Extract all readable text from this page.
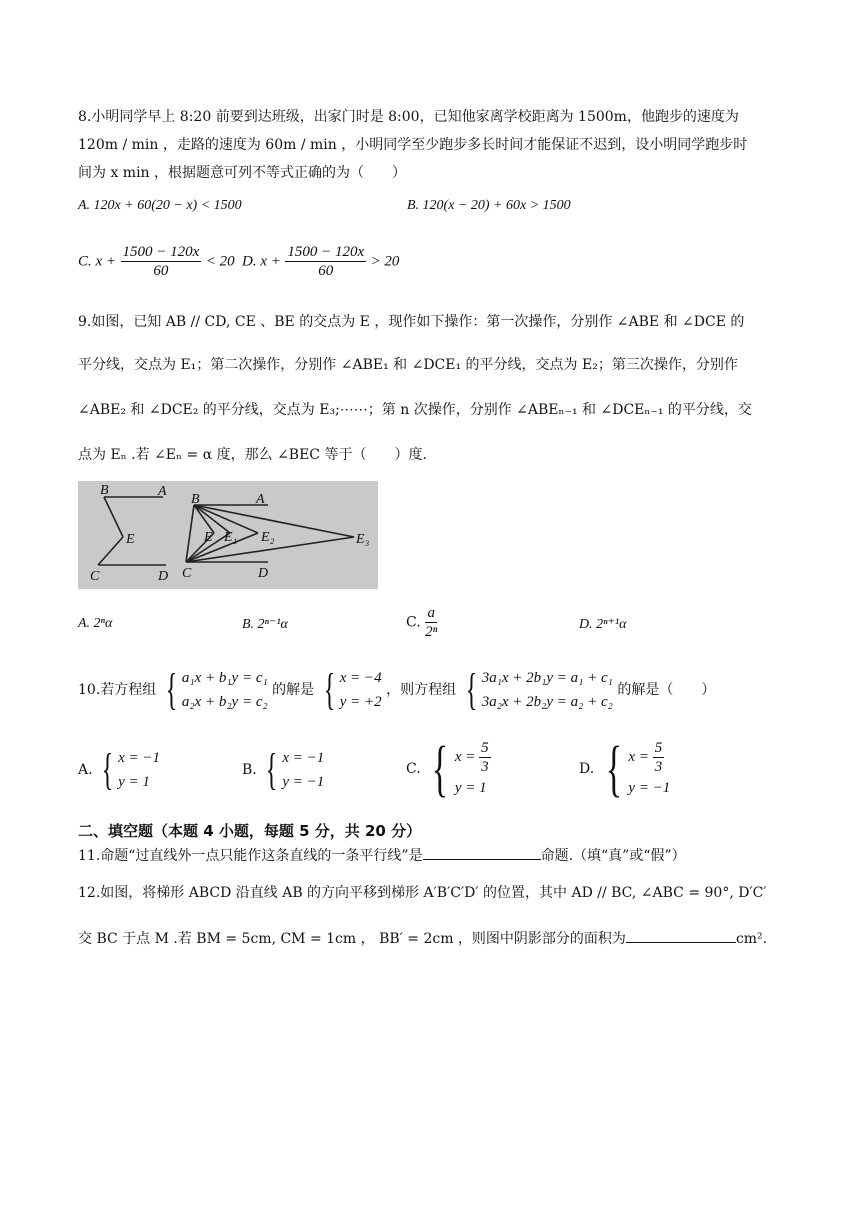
8.小明同学早上 8:20 前要到达班级，出家门时是 8:00，已知他家离学校距离为 1500m，他跑步的速度为
120m / min ，走路的速度为 60m / min ，小明同学至少跑步多长时间才能保证不迟到，设小明同学跑步时
间为 x min ，根据题意可列不等式正确的为（　　）
A. 120x + 60(20 − x) < 1500	B. 120(x − 20) + 60x > 1500
C. $x + \frac{1500 - 120x}{60} < 20$ D. $x + \frac{1500 - 120x}{60} > 20$
9.如图，已知 AB // CD, CE 、BE 的交点为 E ，现作如下操作：第一次操作，分别作 ∠ABE 和 ∠DCE 的
平分线，交点为 E₁；第二次操作，分别作 ∠ABE₁ 和 ∠DCE₁ 的平分线，交点为 E₂；第三次操作，分别作
∠ABE₂ 和 ∠DCE₂ 的平分线，交点为 E₃;⋯⋯；第 n 次操作，分别作 ∠ABEₙ₋₁ 和 ∠DCEₙ₋₁ 的平分线，交
点为 Eₙ .若 ∠Eₙ = α 度，那么 ∠BEC 等于（　　）度.
B	A
E
C	D
B	A
E E₁ E₂	E₃
C	D
A. 2ⁿα	B. 2ⁿ⁻¹α	C. $\frac{a}{\text{2ⁿ}}$	D. 2ⁿ⁺¹α
10.若方程组 { a₁x + b₁y = c₁
a₂x + b₂y = c₂
的解是 { x = −4
y = +2
，则方程组 { 3a₁x + 2b₁y = a₁ + c₁
3a₂x + 2b₂y = a₂ + c₂
的解是（　　）
A. { x = −1
y = 1
B. { x = −1
y = −1
C. { $x = \frac{5}{3}$
y = 1
D. { $x = \frac{5}{3}$
y = −1
二、填空题（本题 4 小题，每题 5 分，共 20 分）
11.命题“过直线外一点只能作这条直线的一条平行线”是	命题.（填“真”或“假”）
12.如图，将梯形 ABCD 沿直线 AB 的方向平移到梯形 A′B′C′D′ 的位置，其中 AD // BC, ∠ABC = 90°, D′C′
交 BC 于点 M .若 BM = 5cm, CM = 1cm ， BB′ = 2cm ，则图中阴影部分的面积为	cm².
